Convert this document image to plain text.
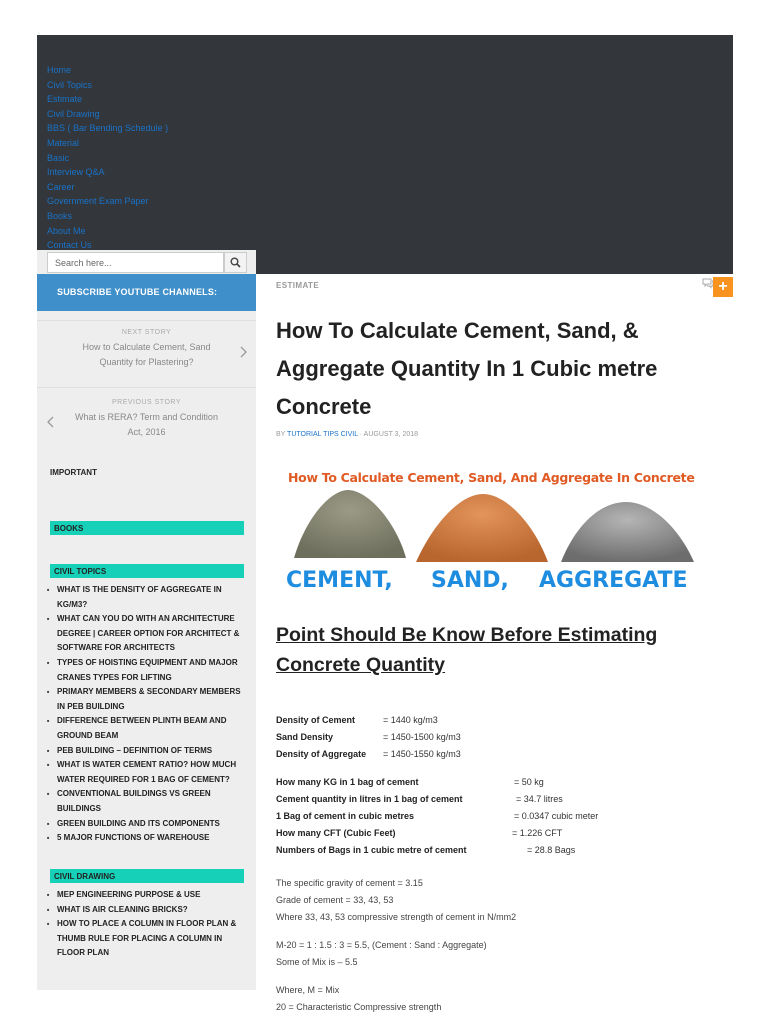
Home
Civil Topics
Estimate
Civil Drawing
BBS ( Bar Bending Schedule )
Material
Basic
Interview Q&A
Career
Government Exam Paper
Books
About Me
Contact Us
Search here...
SUBSCRIBE YOUTUBE CHANNELS:
NEXT STORY
How to Calculate Cement, Sand Quantity for Plastering?
PREVIOUS STORY
What is RERA? Term and Condition Act, 2016
IMPORTANT
BOOKS
CIVIL TOPICS
■ WHAT IS THE DENSITY OF AGGREGATE IN KG/M3?
■ WHAT CAN YOU DO WITH AN ARCHITECTURE DEGREE | CAREER OPTION FOR ARCHITECT & SOFTWARE FOR ARCHITECTS
■ TYPES OF HOISTING EQUIPMENT AND MAJOR CRANES TYPES FOR LIFTING
■ PRIMARY MEMBERS & SECONDARY MEMBERS IN PEB BUILDING
■ DIFFERENCE BETWEEN PLINTH BEAM AND GROUND BEAM
■ PEB BUILDING – DEFINITION OF TERMS
■ WHAT IS WATER CEMENT RATIO? HOW MUCH WATER REQUIRED FOR 1 BAG OF CEMENT?
■ CONVENTIONAL BUILDINGS VS GREEN BUILDINGS
■ GREEN BUILDING AND ITS COMPONENTS
■ 5 MAJOR FUNCTIONS OF WAREHOUSE
CIVIL DRAWING
■ MEP ENGINEERING PURPOSE & USE
■ WHAT IS AIR CLEANING BRICKS?
■ HOW TO PLACE A COLUMN IN FLOOR PLAN & THUMB RULE FOR PLACING A COLUMN IN FLOOR PLAN
ESTIMATE	+
How To Calculate Cement, Sand, & Aggregate Quantity In 1 Cubic metre Concrete
BY TUTORIAL TIPS CIVIL · AUGUST 3, 2018
How To Calculate Cement, Sand, And Aggregate In Concrete
CEMENT, SAND, AGGREGATE
Point Should Be Know Before Estimating Concrete Quantity
Density of Cement	= 1440 kg/m3
Sand Density	= 1450-1500 kg/m3
Density of Aggregate = 1450-1550 kg/m3
How many KG in 1 bag of cement	= 50 kg
Cement quantity in litres in 1 bag of cement	= 34.7 litres
1 Bag of cement in cubic metres	= 0.0347 cubic meter
How many CFT (Cubic Feet)	= 1.226 CFT
Numbers of Bags in 1 cubic metre of cement	= 28.8 Bags
The specific gravity of cement = 3.15
Grade of cement = 33, 43, 53
Where 33, 43, 53 compressive strength of cement in N/mm2
M-20 = 1 : 1.5 : 3 = 5.5, (Cement : Sand : Aggregate)
Some of Mix is – 5.5
Where, M = Mix
20 = Characteristic Compressive strength
